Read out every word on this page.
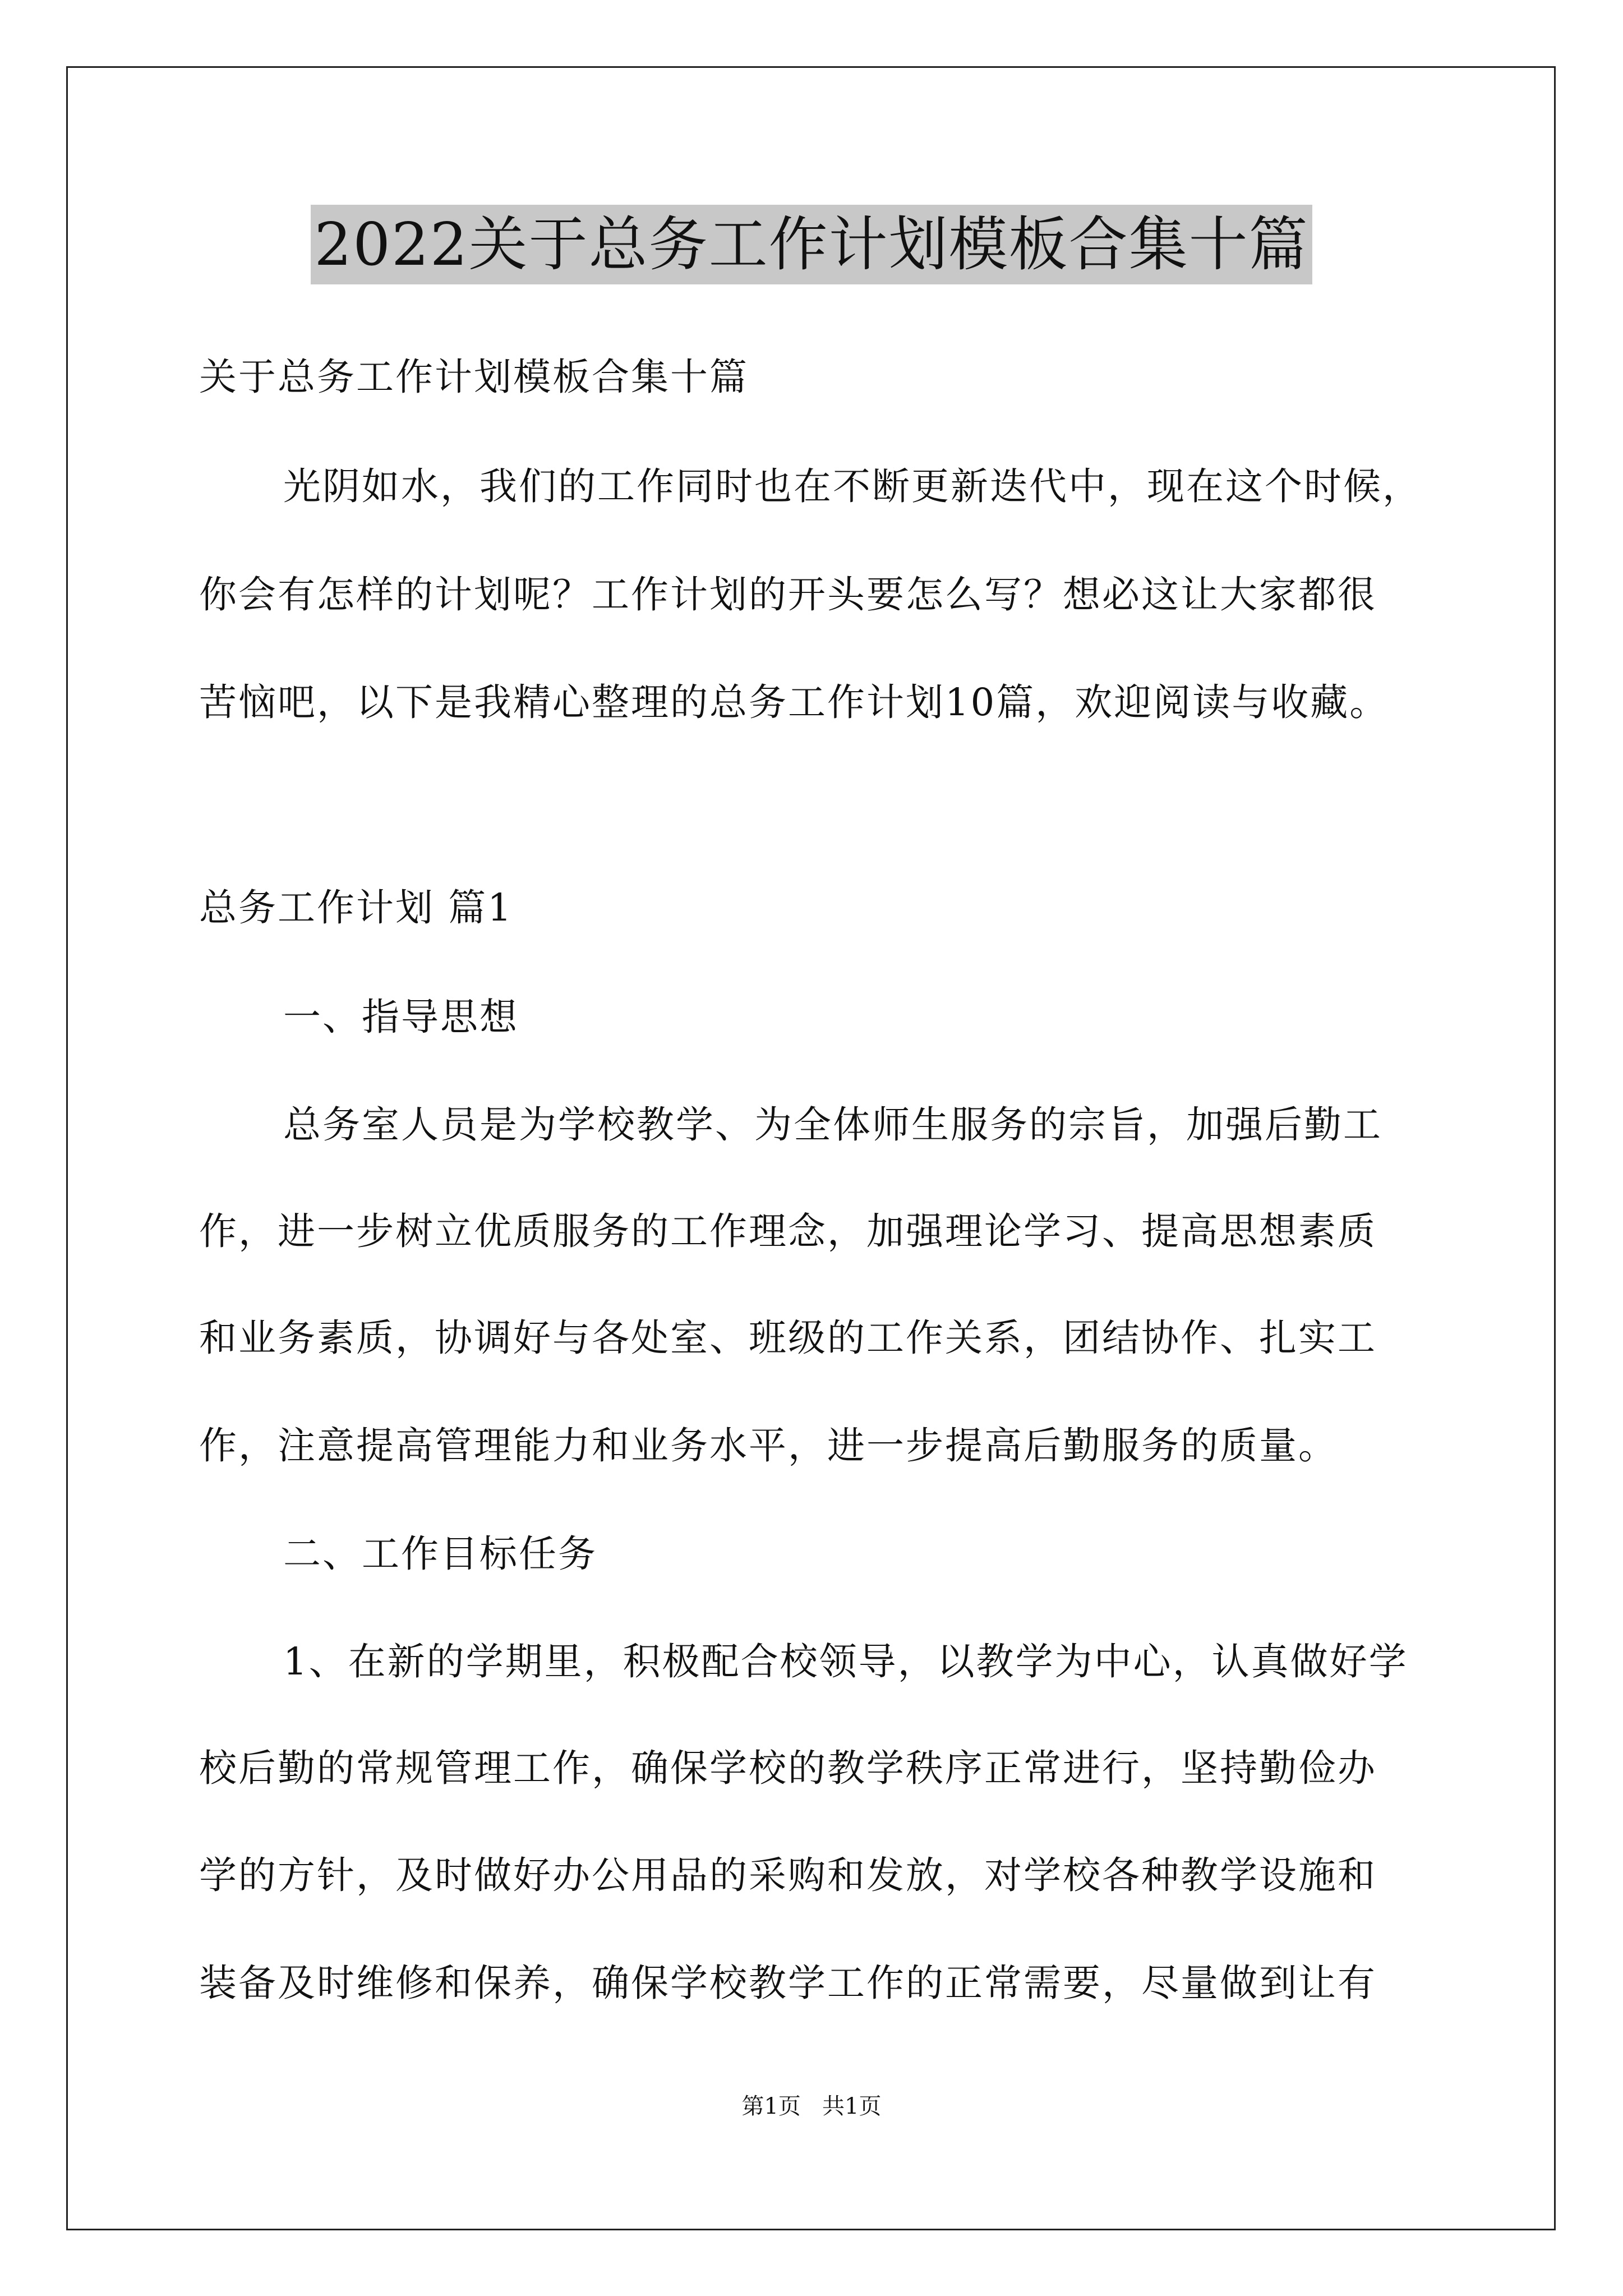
2022关于总务工作计划模板合集十篇
关于总务工作计划模板合集十篇
光阴如水，我们的工作同时也在不断更新迭代中，现在这个时候，
你会有怎样的计划呢？工作计划的开头要怎么写？想必这让大家都很
苦恼吧，以下是我精心整理的总务工作计划10篇，欢迎阅读与收藏。
总务工作计划 篇1
一、指导思想
总务室人员是为学校教学、为全体师生服务的宗旨，加强后勤工
作，进一步树立优质服务的工作理念，加强理论学习、提高思想素质
和业务素质，协调好与各处室、班级的工作关系，团结协作、扎实工
作，注意提高管理能力和业务水平，进一步提高后勤服务的质量。
二、工作目标任务
1、在新的学期里，积极配合校领导，以教学为中心，认真做好学
校后勤的常规管理工作，确保学校的教学秩序正常进行，坚持勤俭办
学的方针，及时做好办公用品的采购和发放，对学校各种教学设施和
装备及时维修和保养，确保学校教学工作的正常需要，尽量做到让有
第1页   共1页
